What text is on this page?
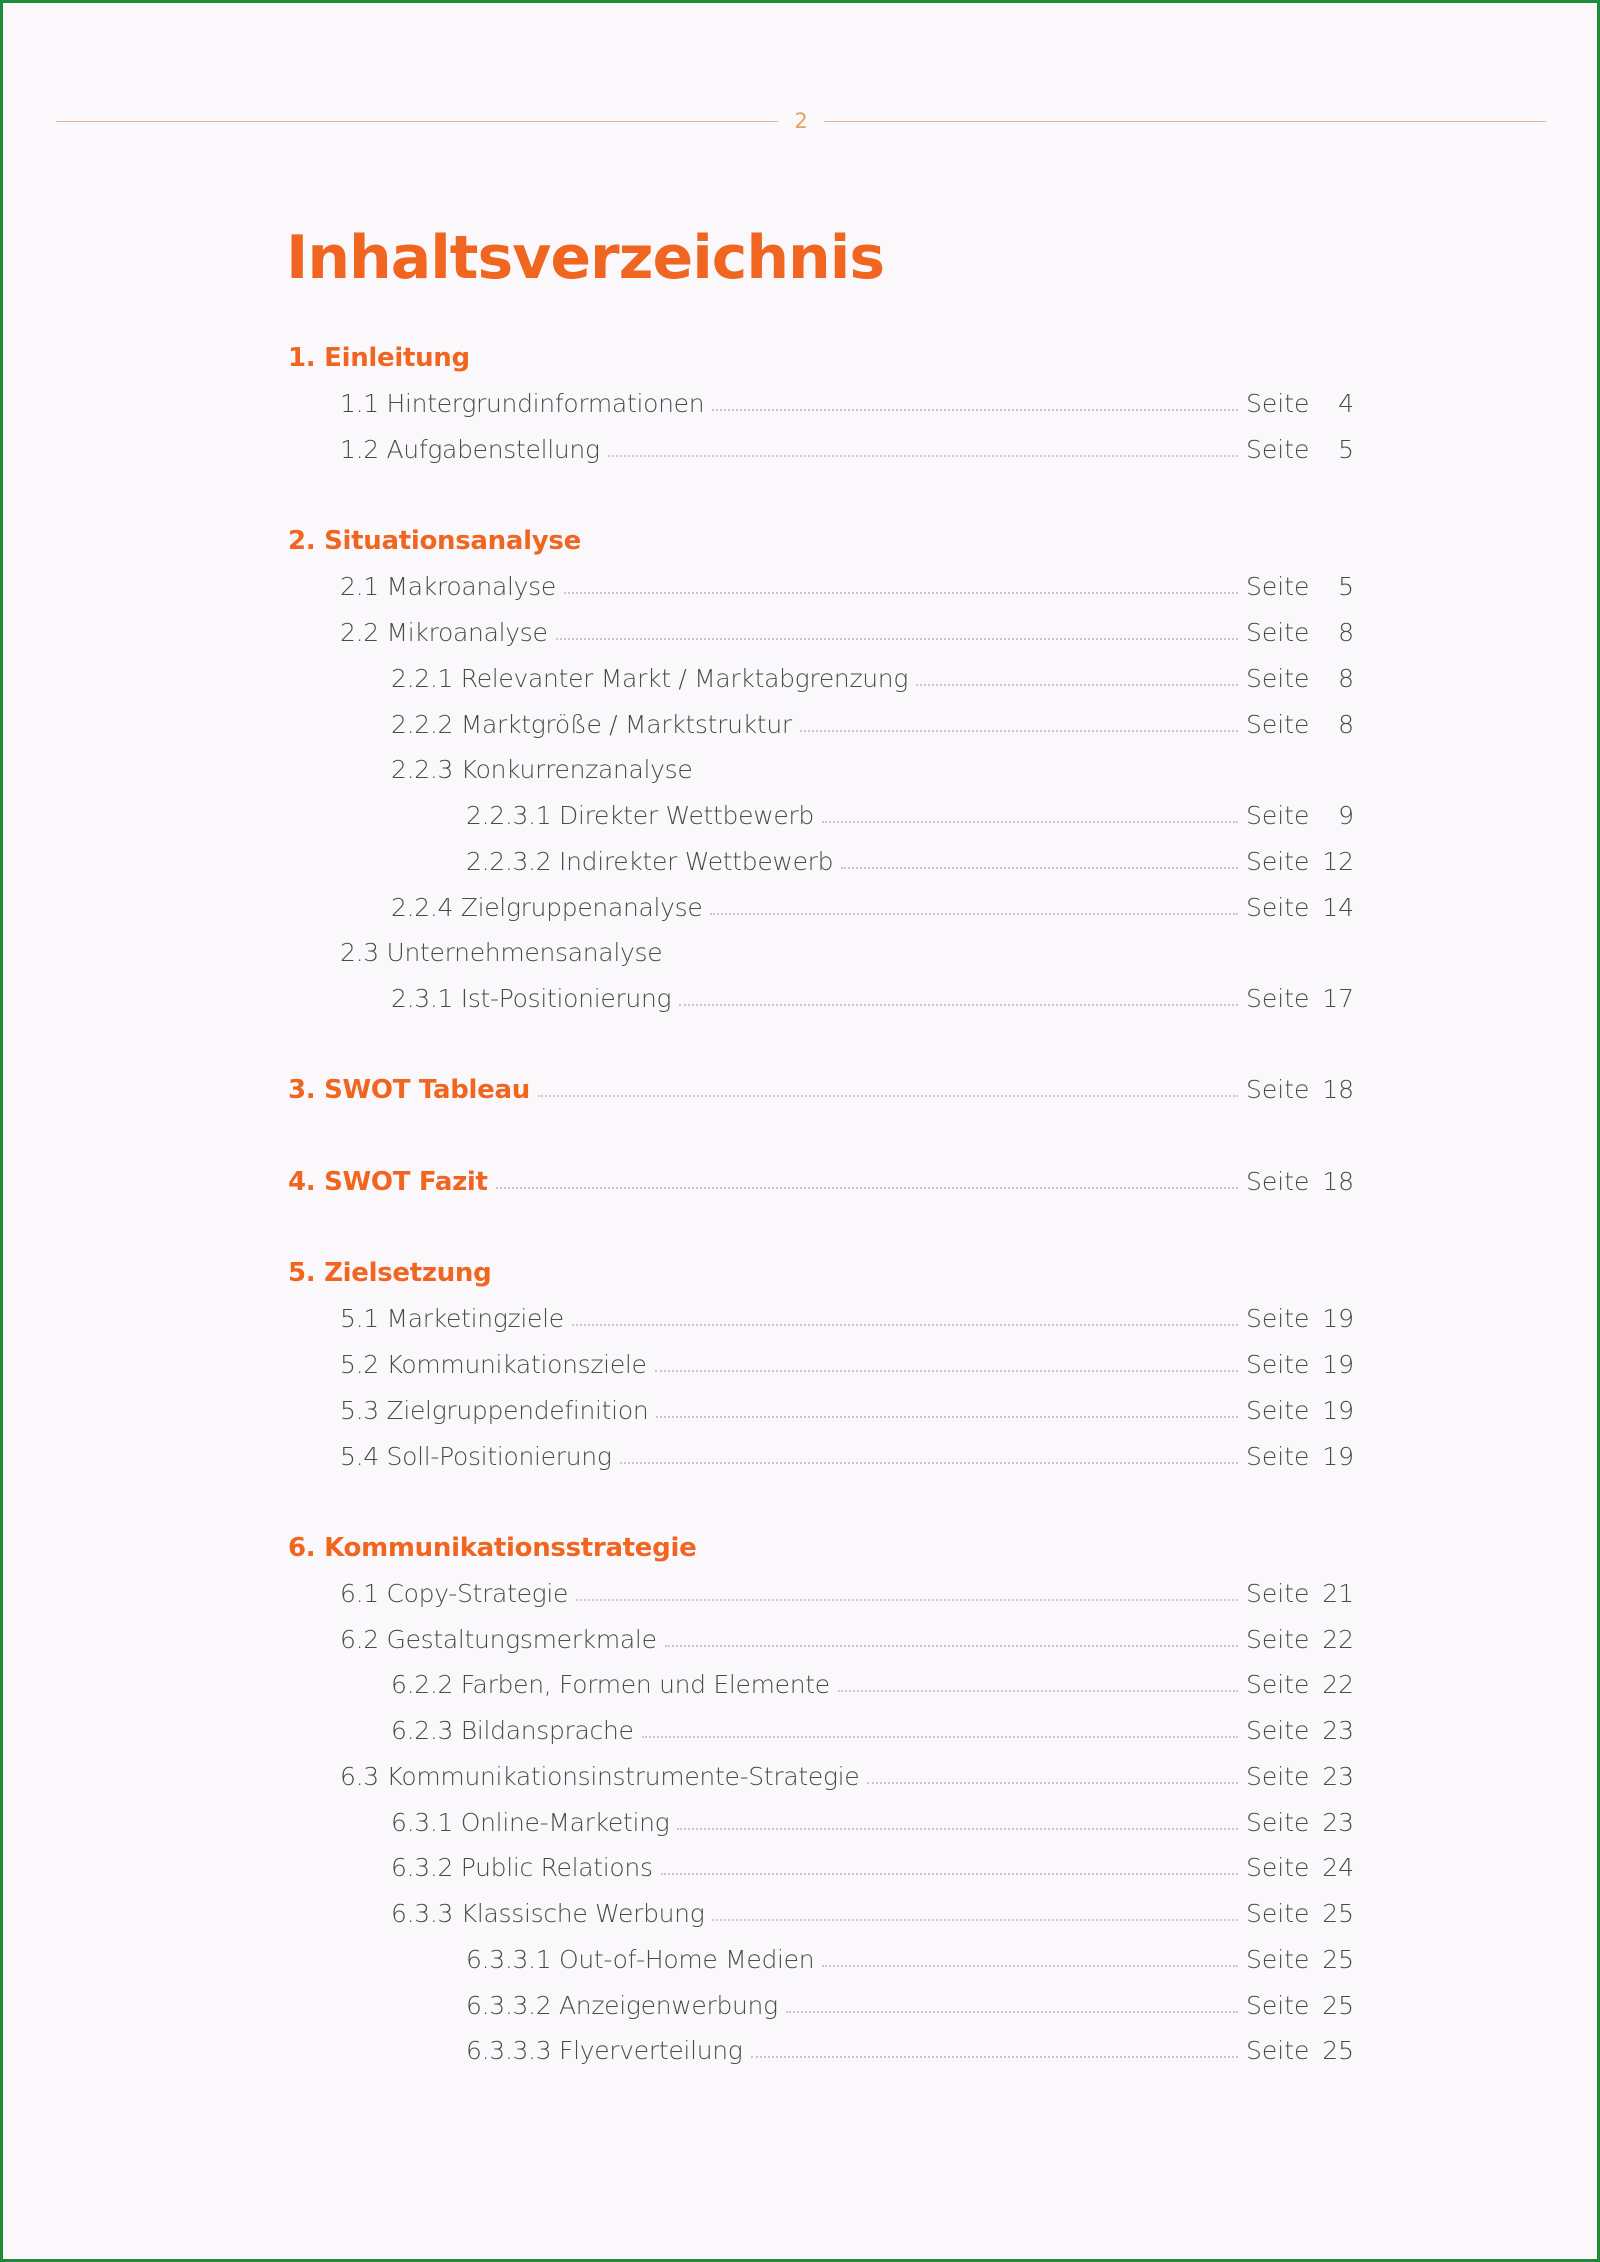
2
Inhaltsverzeichnis
1. Einleitung
1.1 Hintergrundinformationen	Seite	4
1.2 Aufgabenstellung	Seite	5
2. Situationsanalyse
2.1 Makroanalyse	Seite	5
2.2 Mikroanalyse	Seite	8
2.2.1 Relevanter Markt / Marktabgrenzung	Seite	8
2.2.2 Marktgröße / Marktstruktur	Seite	8
2.2.3 Konkurrenzanalyse
2.2.3.1 Direkter Wettbewerb	Seite	9
2.2.3.2 Indirekter Wettbewerb	Seite 12
2.2.4 Zielgruppenanalyse	Seite 14
2.3 Unternehmensanalyse
2.3.1 Ist-Positionierung	Seite 17
3. SWOT Tableau	Seite 18
4. SWOT Fazit	Seite 18
5. Zielsetzung
5.1 Marketingziele	Seite 19
5.2 Kommunikationsziele	Seite 19
5.3 Zielgruppendefinition	Seite 19
5.4 Soll-Positionierung	Seite 19
6. Kommunikationsstrategie
6.1 Copy-Strategie	Seite 21
6.2 Gestaltungsmerkmale	Seite 22
6.2.2 Farben, Formen und Elemente	Seite 22
6.2.3 Bildansprache	Seite 23
6.3 Kommunikationsinstrumente-Strategie	Seite 23
6.3.1 Online-Marketing	Seite 23
6.3.2 Public Relations	Seite 24
6.3.3 Klassische Werbung	Seite 25
6.3.3.1 Out-of-Home Medien	Seite 25
6.3.3.2 Anzeigenwerbung	Seite 25
6.3.3.3 Flyerverteilung	Seite 25
